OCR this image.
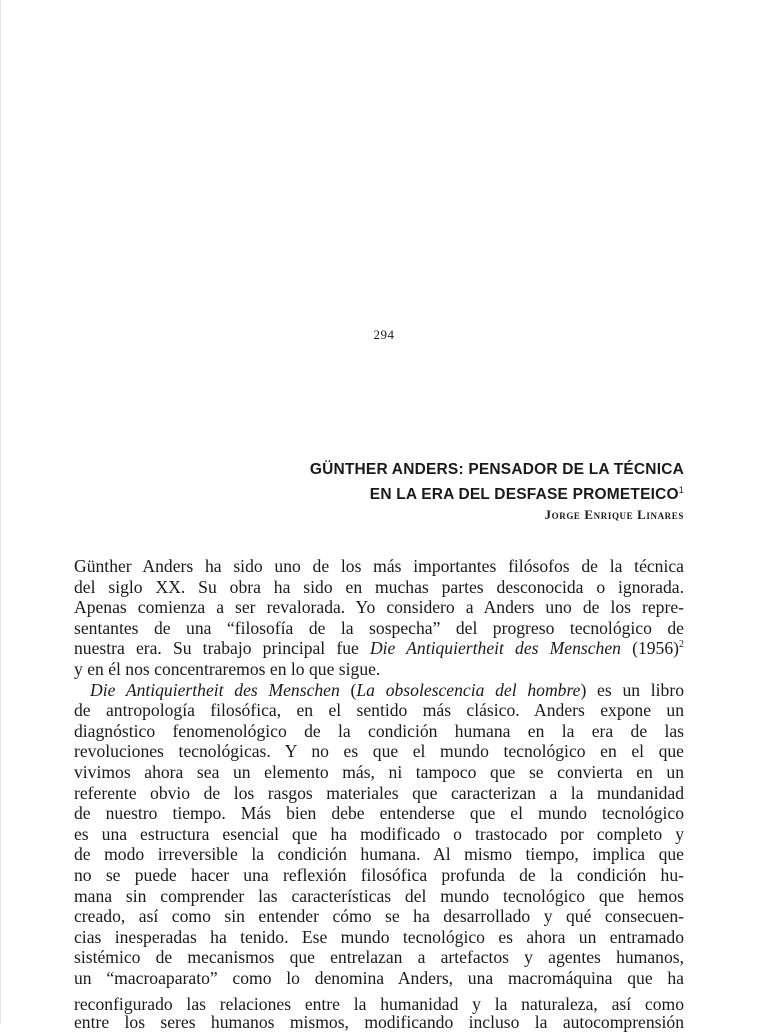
294
GÜNTHER ANDERS: PENSADOR DE LA TÉCNICA
EN LA ERA DEL DESFASE PROMETEICO$^1$
Jorge Enrique Linares
Günther Anders ha sido uno de los más importantes filósofos de la técnica
del siglo XX. Su obra ha sido en muchas partes desconocida o ignorada.
Apenas comienza a ser revalorada. Yo considero a Anders uno de los repre-
sentantes de una “filosofía de la sospecha” del progreso tecnológico de
nuestra era. Su trabajo principal fue Die Antiquiertheit des Menschen (1956)$^2$
y en él nos concentraremos en lo que sigue.
Die Antiquiertheit des Menschen (La obsolescencia del hombre) es un libro
de antropología filosófica, en el sentido más clásico. Anders expone un
diagnóstico fenomenológico de la condición humana en la era de las
revoluciones tecnológicas. Y no es que el mundo tecnológico en el que
vivimos ahora sea un elemento más, ni tampoco que se convierta en un
referente obvio de los rasgos materiales que caracterizan a la mundanidad
de nuestro tiempo. Más bien debe entenderse que el mundo tecnológico
es una estructura esencial que ha modificado o trastocado por completo y
de modo irreversible la condición humana. Al mismo tiempo, implica que
no se puede hacer una reflexión filosófica profunda de la condición hu-
mana sin comprender las características del mundo tecnológico que hemos
creado, así como sin entender cómo se ha desarrollado y qué consecuen-
cias inesperadas ha tenido. Ese mundo tecnológico es ahora un entramado
sistémico de mecanismos que entrelazan a artefactos y agentes humanos,
un “macroaparato” como lo denomina Anders, una macromáquina que ha
reconfigurado las relaciones entre la humanidad y la naturaleza, así como
entre los seres humanos mismos, modificando incluso la autocomprensión
